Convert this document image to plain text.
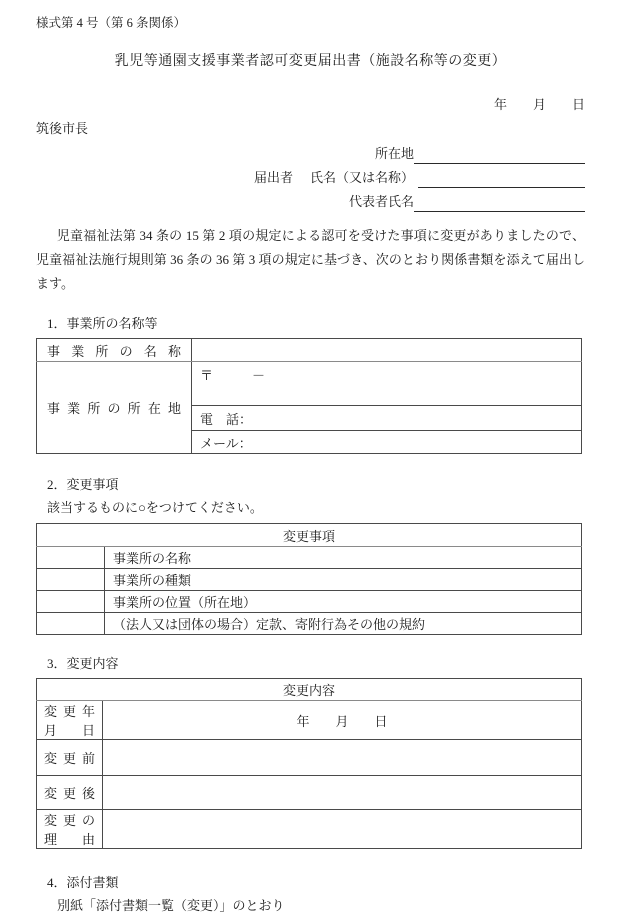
様式第 4 号（第 6 条関係）
乳児等通園支援事業者認可変更届出書（施設名称等の変更）
年　　月　　日
筑後市長
所在地
届出者 氏名（又は名称）
代表者氏名
児童福祉法第 34 条の 15 第 2 項の規定による認可を受けた事項に変更がありましたので、児童福祉法施行規則第 36 条の 36 第 3 項の規定に基づき、次のとおり関係書類を添えて届出します。
1．事業所の名称等
事業所の名称	
事業所の所在地	〒　　　－
	電　話：
	メール：
2．変更事項
該当するものに○をつけてください。
変更事項	
	事業所の名称
	事業所の種類
	事業所の位置（所在地）
	（法人又は団体の場合）定款、寄附行為その他の規約
3．変更内容
変更内容	
変更年月日	年　　月　　日
変更前	
変更後	
変更の理由	
4．添付書類
別紙「添付書類一覧（変更）」のとおり
